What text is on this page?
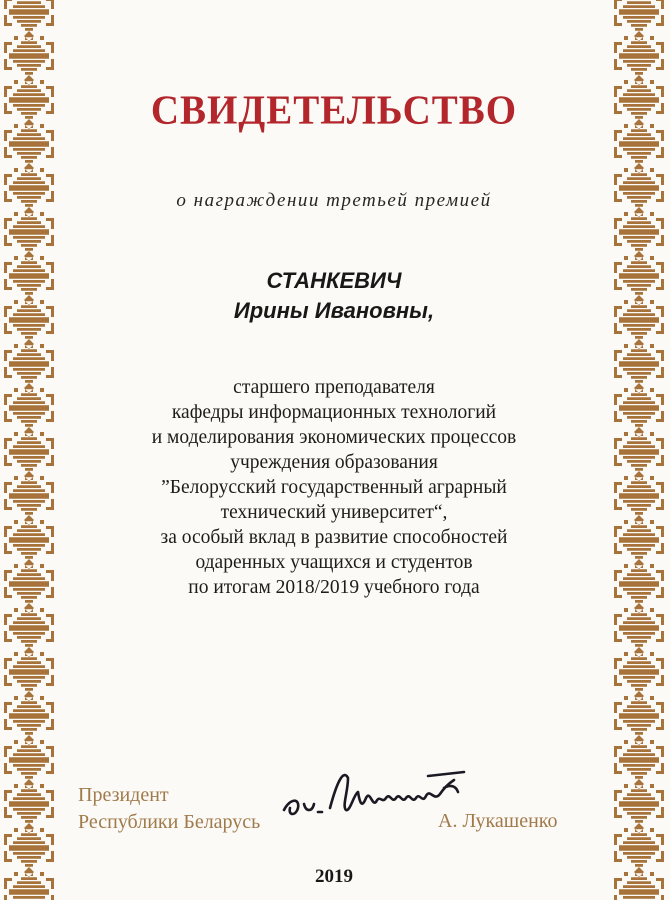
СВИДЕТЕЛЬСТВО
о награждении третьей премией
СТАНКЕВИЧ
Ирины Ивановны,
старшего преподавателя
кафедры информационных технологий
и моделирования экономических процессов
учреждения образования
”Белорусский государственный аграрный
технический университет“,
за особый вклад в развитие способностей
одаренных учащихся и студентов
по итогам 2018/2019 учебного года
Президент
Республики Беларусь	А. Лукашенко
2019
